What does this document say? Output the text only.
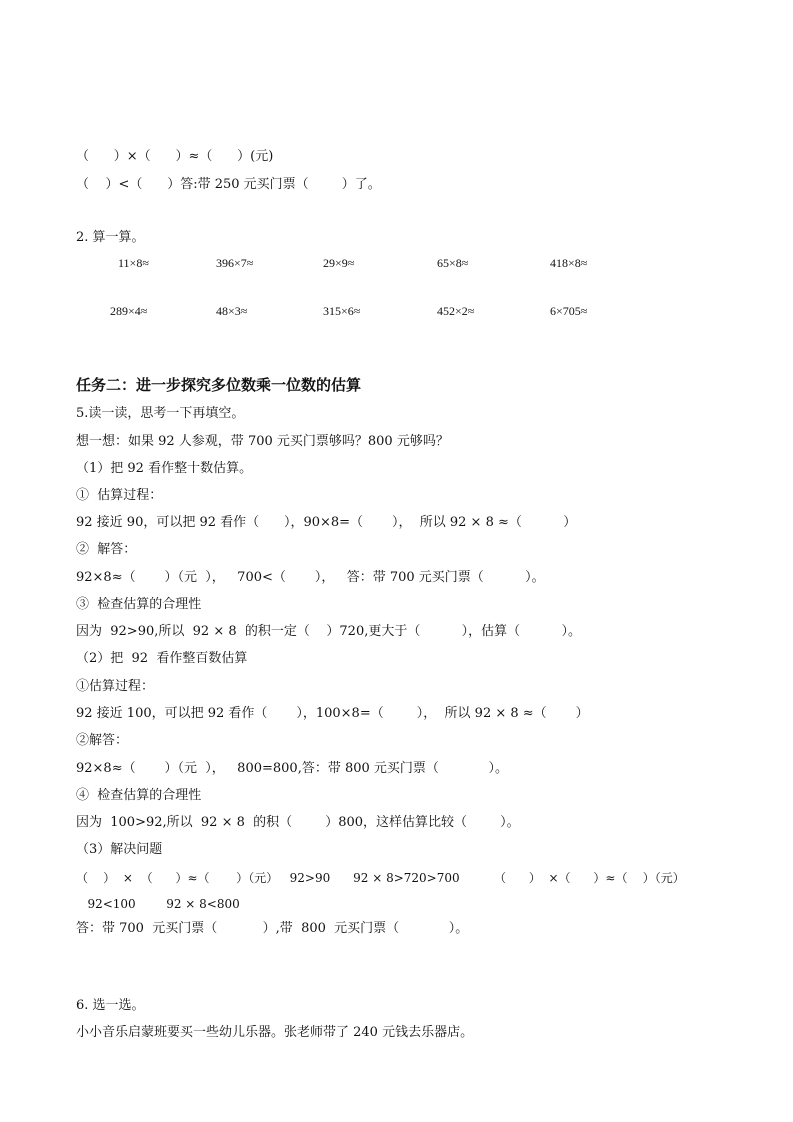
（      ）×（      ）≈（      ）(元)

（    ）<（      ）答:带 250 元买门票（        ）了。

2. 算一算。

11×8≈	396×7≈	29×9≈	65×8≈	418×8≈

289×4≈	48×3≈	315×6≈	452×2≈	6×705≈

任务二：进一步探究多位数乘一位数的估算

5.读一读，思考一下再填空。

想一想：如果 92 人参观，带 700 元买门票够吗？800 元够吗？

（1）把 92 看作整十数估算。

①  估算过程：

92 接近 90，可以把 92 看作（      ），90×8=（       ），  所以 92 × 8 ≈（          ）

②  解答：

92×8≈（       ）（元  ），   700<（       ），   答：带 700 元买门票（          ）。

③  检查估算的合理性

因为  92>90,所以  92 × 8  的积一定（    ）720,更大于（          ），估算（          ）。

（2）把  92  看作整百数估算

①估算过程：

92 接近 100，可以把 92 看作（       ），100×8=（        ），  所以 92 × 8 ≈（       ）

②解答：

92×8≈（       ）（元  ），   800=800,答：带 800 元买门票（            ）。

④  检查估算的合理性

因为  100>92,所以  92 × 8  的积（        ）800，这样估算比较（        ）。

（3）解决问题

（    ）  ×  （      ）≈（       ）（元）   92>90      92 × 8>720>700         （      ）  ×（      ）≈（    ）（元）

92<100        92 × 8<800

答：带 700  元买门票（           ）,带  800  元买门票（            ）。

6. 选一选。

小小音乐启蒙班要买一些幼儿乐器。张老师带了 240 元钱去乐器店。
